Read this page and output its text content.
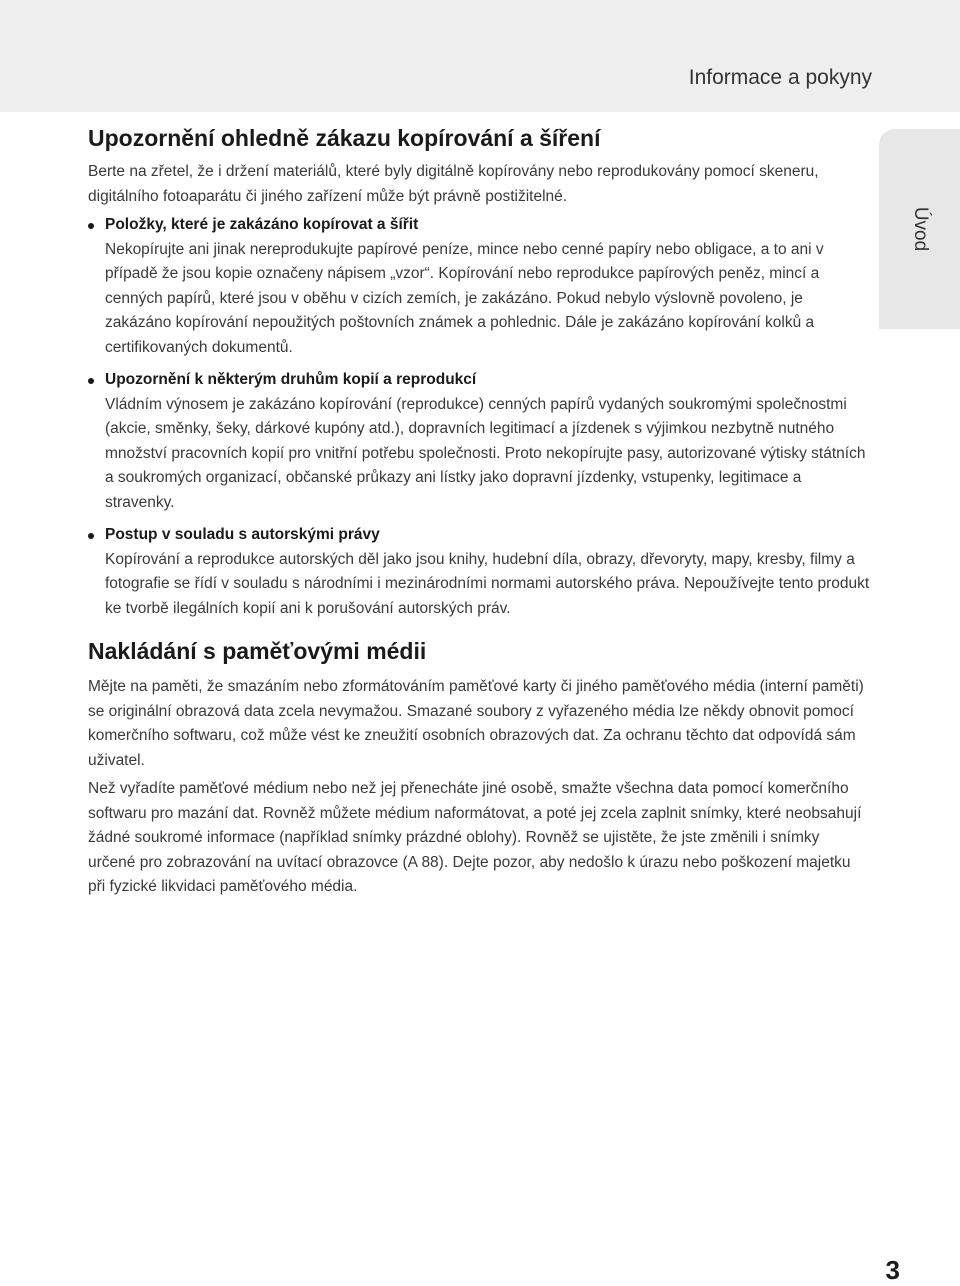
Informace a pokyny
Úvod
Upozornění ohledně zákazu kopírování a šíření

Berte na zřetel, že i držení materiálů, které byly digitálně kopírovány nebo reprodukovány pomocí skeneru, digitálního fotoaparátu či jiného zařízení může být právně postižitelné.

Položky, které je zakázáno kopírovat a šířit

Nekopírujte ani jinak nereprodukujte papírové peníze, mince nebo cenné papíry nebo obligace, a to ani v případě že jsou kopie označeny nápisem „vzor“. Kopírování nebo reprodukce papírových peněz, mincí a cenných papírů, které jsou v oběhu v cizích zemích, je zakázáno. Pokud nebylo výslovně povoleno, je zakázáno kopírování nepoužitých poštovních známek a pohlednic. Dále je zakázáno kopírování kolků a certifikovaných dokumentů.

Upozornění k některým druhům kopií a reprodukcí

Vládním výnosem je zakázáno kopírování (reprodukce) cenných papírů vydaných soukromými společnostmi (akcie, směnky, šeky, dárkové kupóny atd.), dopravních legitimací a jízdenek s výjimkou nezbytně nutného množství pracovních kopií pro vnitřní potřebu společnosti. Proto nekopírujte pasy, autorizované výtisky státních a soukromých organizací, občanské průkazy ani lístky jako dopravní jízdenky, vstupenky, legitimace a stravenky.

Postup v souladu s autorskými právy

Kopírování a reprodukce autorských děl jako jsou knihy, hudební díla, obrazy, dřevoryty, mapy, kresby, filmy a fotografie se řídí v souladu s národními i mezinárodními normami autorského práva. Nepoužívejte tento produkt ke tvorbě ilegálních kopií ani k porušování autorských práv.

Nakládání s paměťovými médii

Mějte na paměti, že smazáním nebo zformátováním paměťové karty či jiného paměťového média (interní paměti) se originální obrazová data zcela nevymažou. Smazané soubory z vyřazeného média lze někdy obnovit pomocí komerčního softwaru, což může vést ke zneužití osobních obrazových dat. Za ochranu těchto dat odpovídá sám uživatel.

Než vyřadíte paměťové médium nebo než jej přenecháte jiné osobě, smažte všechna data pomocí komerčního softwaru pro mazání dat. Rovněž můžete médium naformátovat, a poté jej zcela zaplnit snímky, které neobsahují žádné soukromé informace (například snímky prázdné oblohy). Rovněž se ujistěte, že jste změnili i snímky určené pro zobrazování na uvítací obrazovce (A 88). Dejte pozor, aby nedošlo k úrazu nebo poškození majetku při fyzické likvidaci paměťového média.

3
